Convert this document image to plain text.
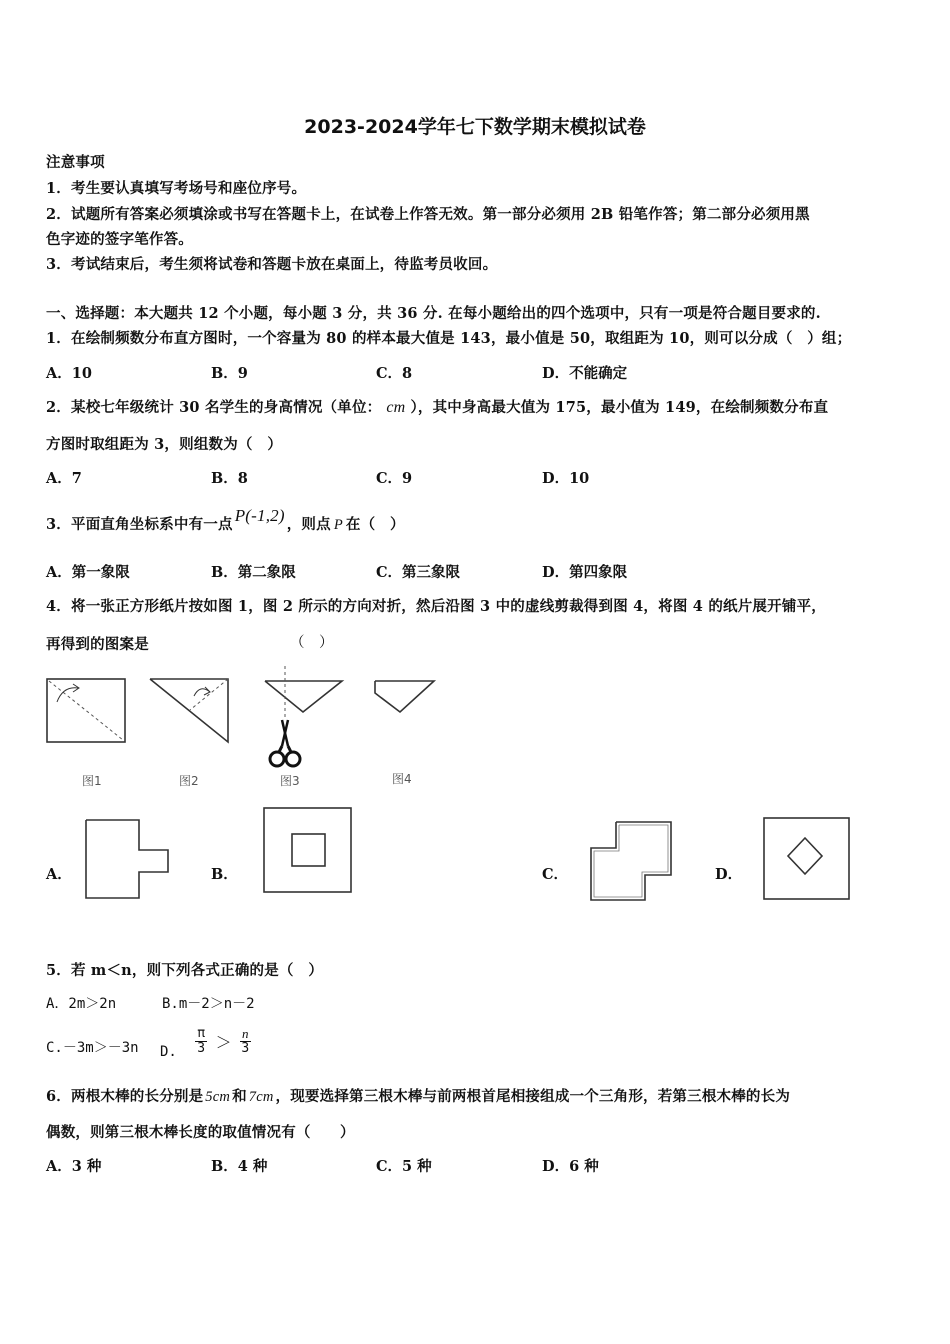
2023-2024学年七下数学期末模拟试卷
注意事项
1．考生要认真填写考场号和座位序号。
2．试题所有答案必须填涂或书写在答题卡上，在试卷上作答无效。第一部分必须用 2B 铅笔作答；第二部分必须用黑
色字迹的签字笔作答。
3．考试结束后，考生须将试卷和答题卡放在桌面上，待监考员收回。
一、选择题：本大题共 12 个小题，每小题 3 分，共 36 分. 在每小题给出的四个选项中，只有一项是符合题目要求的.
1．在绘制频数分布直方图时，一个容量为 80 的样本最大值是 143，最小值是 50，取组距为 10，则可以分成（　）组；
A．10	B．9	C．8	D．不能确定
2．某校七年级统计 30 名学生的身高情况（单位： cm ），其中身高最大值为 175，最小值为 149，在绘制频数分布直
方图时取组距为 3，则组数为（　）
A．7	B．8	C．9	D．10
3．平面直角坐标系中有一点 P(-1,2) ，则点 P 在（　）
A．第一象限	B．第二象限	C．第三象限	D．第四象限
4．将一张正方形纸片按如图 1，图 2 所示的方向对折，然后沿图 3 中的虚线剪裁得到图 4，将图 4 的纸片展开铺平，
再得到的图案是	（　）
图1	图2	图3	图4
A．	B．	C．	D．
5．若 m＜n，则下列各式正确的是（　）
A．2m＞2n	B.m－2＞n－2
C.－3m＞－3n D. $\frac{\pi}{3} > \frac{n}{3}$
6．两根木棒的长分别是 5cm 和 7cm ，现要选择第三根木棒与前两根首尾相接组成一个三角形，若第三根木棒的长为
偶数，则第三根木棒长度的取值情况有（　　）
A．3 种	B．4 种	C．5 种	D．6 种
